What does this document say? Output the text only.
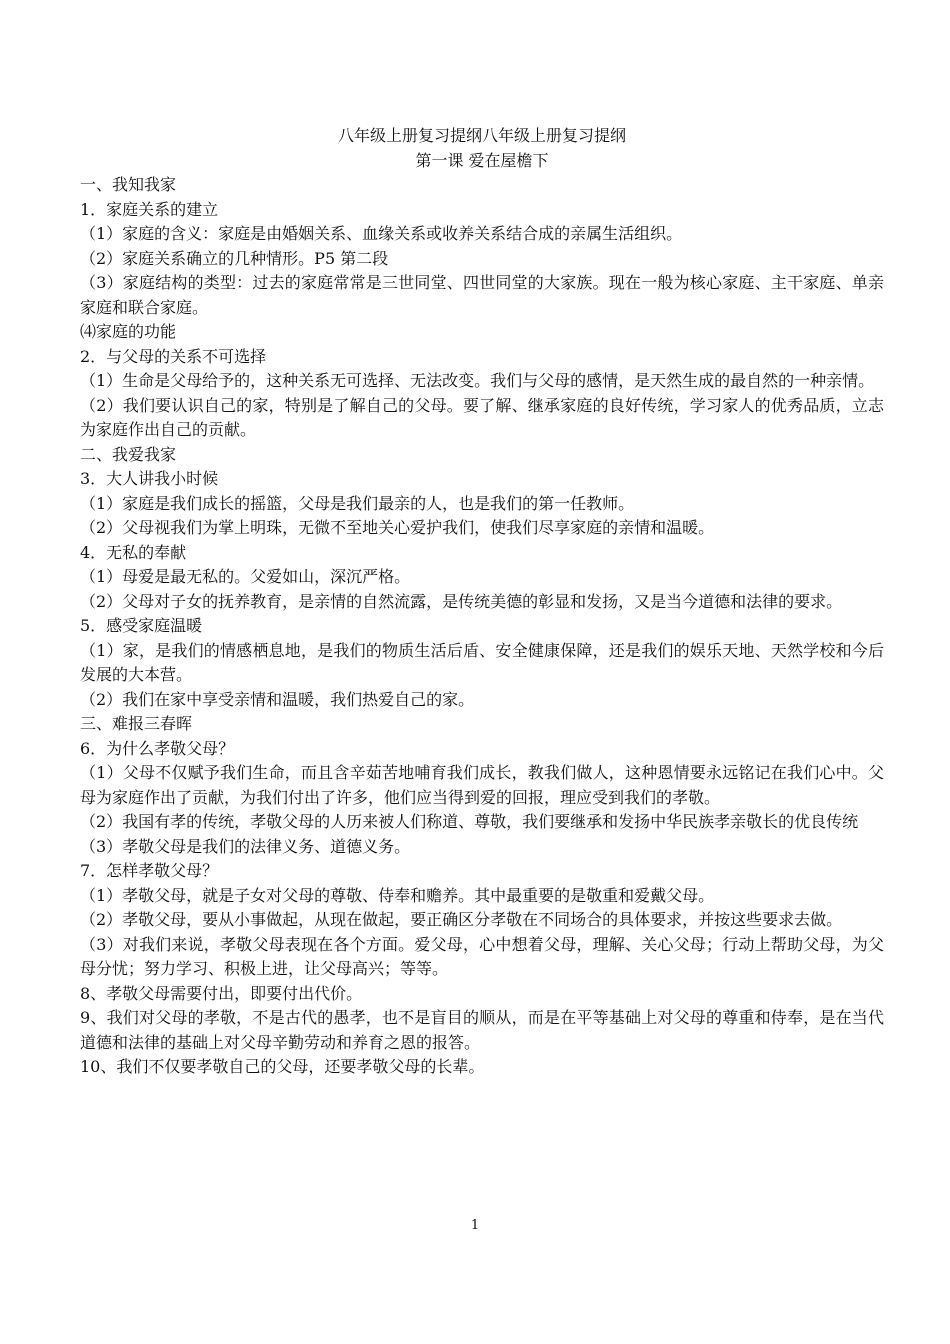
八年级上册复习提纲八年级上册复习提纲

第一课 爱在屋檐下

一、我知我家

1．家庭关系的建立

（1）家庭的含义：家庭是由婚姻关系、血缘关系或收养关系结合成的亲属生活组织。

（2）家庭关系确立的几种情形。P5 第二段

（3）家庭结构的类型：过去的家庭常常是三世同堂、四世同堂的大家族。现在一般为核心家庭、主干家庭、单亲家庭和联合家庭。

⑷家庭的功能

2．与父母的关系不可选择

（1）生命是父母给予的，这种关系无可选择、无法改变。我们与父母的感情，是天然生成的最自然的一种亲情。

（2）我们要认识自己的家，特别是了解自己的父母。要了解、继承家庭的良好传统，学习家人的优秀品质，立志为家庭作出自己的贡献。

二、我爱我家

3．大人讲我小时候

（1）家庭是我们成长的摇篮，父母是我们最亲的人，也是我们的第一任教师。

（2）父母视我们为掌上明珠，无微不至地关心爱护我们，使我们尽享家庭的亲情和温暖。

4．无私的奉献

（1）母爱是最无私的。父爱如山，深沉严格。

（2）父母对子女的抚养教育，是亲情的自然流露，是传统美德的彰显和发扬，又是当今道德和法律的要求。

5．感受家庭温暖

（1）家，是我们的情感栖息地，是我们的物质生活后盾、安全健康保障，还是我们的娱乐天地、天然学校和今后发展的大本营。

（2）我们在家中享受亲情和温暖，我们热爱自己的家。

三、难报三春晖

6．为什么孝敬父母？

（1）父母不仅赋予我们生命，而且含辛茹苦地哺育我们成长，教我们做人，这种恩情要永远铭记在我们心中。父母为家庭作出了贡献，为我们付出了许多，他们应当得到爱的回报，理应受到我们的孝敬。

（2）我国有孝的传统，孝敬父母的人历来被人们称道、尊敬，我们要继承和发扬中华民族孝亲敬长的优良传统

（3）孝敬父母是我们的法律义务、道德义务。

7．怎样孝敬父母？

（1）孝敬父母，就是子女对父母的尊敬、侍奉和赡养。其中最重要的是敬重和爱戴父母。

（2）孝敬父母，要从小事做起，从现在做起，要正确区分孝敬在不同场合的具体要求，并按这些要求去做。

（3）对我们来说，孝敬父母表现在各个方面。爱父母，心中想着父母，理解、关心父母；行动上帮助父母，为父母分忧；努力学习、积极上进，让父母高兴；等等。

8、孝敬父母需要付出，即要付出代价。

9、我们对父母的孝敬，不是古代的愚孝，也不是盲目的顺从，而是在平等基础上对父母的尊重和侍奉，是在当代道德和法律的基础上对父母辛勤劳动和养育之恩的报答。

10、我们不仅要孝敬自己的父母，还要孝敬父母的长辈。

1
